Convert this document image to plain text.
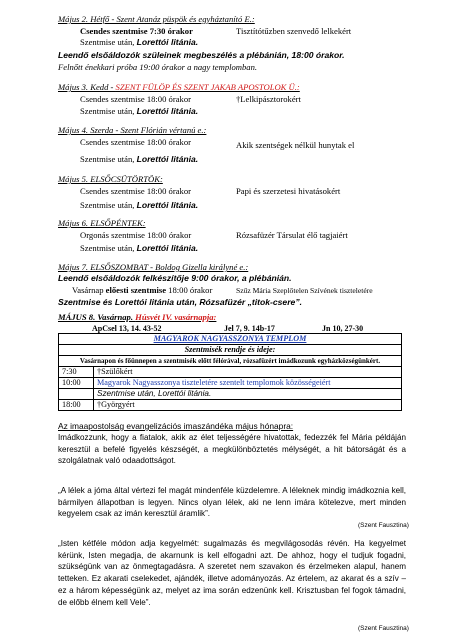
Május 2. Hétfő - Szent Atanáz püspök és egyháztanító E.:
Csendes szentmise 7:30 órakor	Tisztítótűzben szenvedő lelkekért
Szentmise után, Lorettói litánia.
Leendő elsőáldozók szüleinek megbeszélés a plébánián, 18:00 órakor.
Felnőtt énekkari próba 19:00 órakor a nagy templomban.
Május 3. Kedd - SZENT FÜLÖP ÉS SZENT JAKAB APOSTOLOK Ü.:
Csendes szentmise 18:00 órakor	†Lelkipásztorokért
Szentmise után, Lorettói litánia.
Május 4. Szerda - Szent Flórián vértanú e.:
Csendes szentmise 18:00 órakor	Akik szentségek nélkül hunytak el
Szentmise után, Lorettói litánia.
Május 5. ELSŐCSÜTÖRTÖK:
Csendes szentmise 18:00 órakor	Papi és szerzetesi hivatásokért
Szentmise után, Lorettói litánia.
Május 6. ELSŐPÉNTEK:
Orgonás szentmise 18:00 órakor	Rózsafüzér Társulat élő tagjaiért
Szentmise után, Lorettói litánia.
Május 7. ELSŐSZOMBAT - Boldog Gizella királyné e.:
Leendő elsőáldozók felkészítője 9:00 órakor, a plébánián.
Vasárnap előesti szentmise 18:00 órakor	Szűz Mária Szeplőtelen Szívének tiszteletére
Szentmise és Lorettói litánia után, Rózsafüzér „titok-csere”.
MÁJUS 8. Vasárnap. Húsvét IV. vasárnapja:
ApCsel 13, 14. 43-52	Jel 7, 9. 14b-17	Jn 10, 27-30
MAGYAROK NAGYASSZONYA TEMPLOM	
Szentmisék rendje és ideje:	
Vasárnapon és főünnepen a szentmisék előtt félórával, rózsafüzért imádkozunk egyházközségünkért.	
7:30	†Szülőkért
10:00	Magyarok Nagyasszonya tiszteletére szentelt templomok közösségeiért
	Szentmise után, Lorettói litánia.
18:00	†Györgyért
Az imaapostolság evangelizációs imaszándéka május hónapra:
Imádkozzunk, hogy a fiatalok, akik az élet teljességére hivatottak, fedezzék fel Mária példáján keresztül a befelé figyelés készségét, a megkülönböztetés mélységét, a hit bátorságát és a szolgálatnak való odaadottságot.
„A lélek a jóma által vértezi fel magát mindenféle küzdelemre. A léleknek mindig imádkoznia kell, bármilyen állapotban is legyen. Nincs olyan lélek, aki ne lenn imára kötelezve, mert minden kegyelem csak az imán keresztül áramlik”.
(Szent Fausztina)
„Isten kétféle módon adja kegyelmét: sugalmazás és megvilágosodás révén. Ha kegyelmet kérünk, Isten megadja, de akarnunk is kell elfogadni azt. De ahhoz, hogy el tudjuk fogadni, szükségünk van az önmegtagadásra. A szeretet nem szavakon és érzelmeken alapul, hanem tetteken. Ez akarati cselekedet, ajándék, illetve adományozás. Az értelem, az akarat és a szív – ez a három képességünk az, melyet az ima során edzenünk kell. Krisztusban fel fogok támadni, de előbb élnem kell Vele”.
(Szent Fausztina)
